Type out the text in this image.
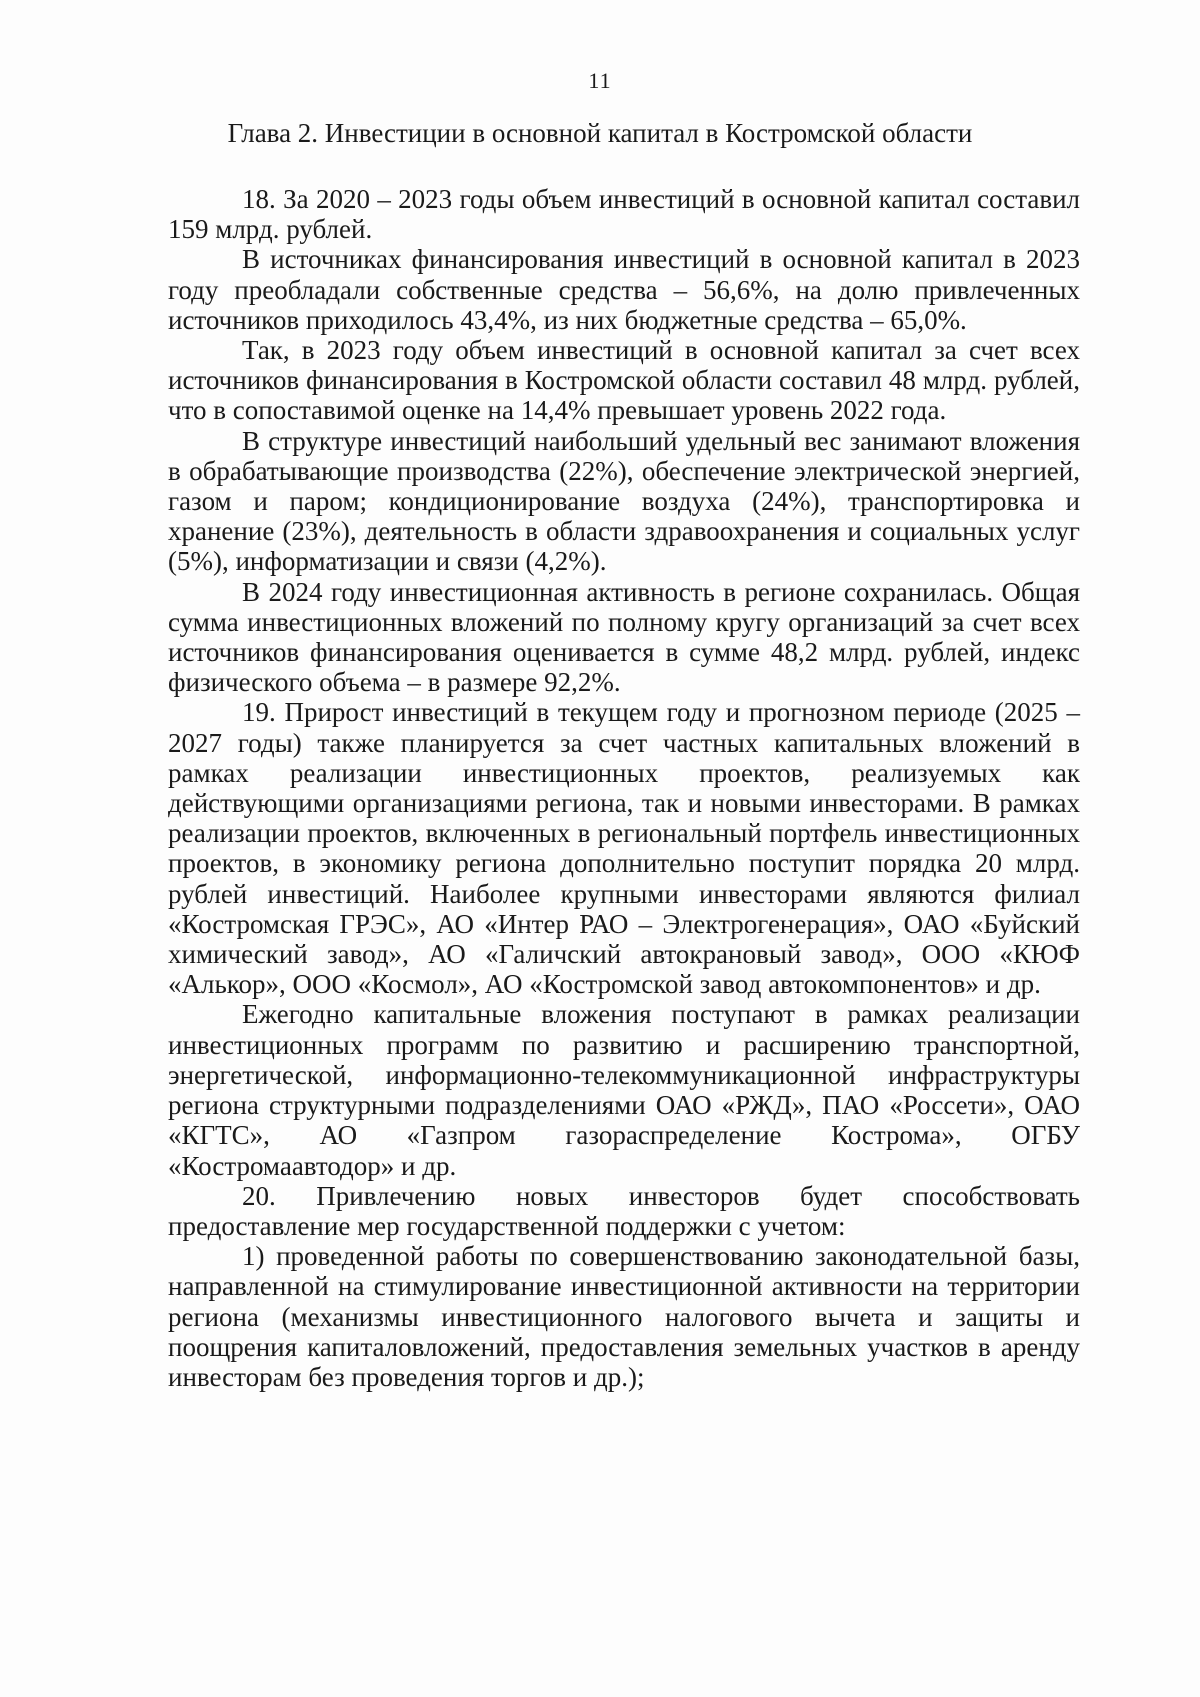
11
Глава 2. Инвестиции в основной капитал в Костромской области

18. За 2020 – 2023 годы объем инвестиций в основной капитал составил 159 млрд. рублей.

В источниках финансирования инвестиций в основной капитал в 2023 году преобладали собственные средства – 56,6%, на долю привлеченных источников приходилось 43,4%, из них бюджетные средства – 65,0%.

Так, в 2023 году объем инвестиций в основной капитал за счет всех источников финансирования в Костромской области составил 48 млрд. рублей, что в сопоставимой оценке на 14,4% превышает уровень 2022 года.

В структуре инвестиций наибольший удельный вес занимают вложения в обрабатывающие производства (22%), обеспечение электрической энергией, газом и паром; кондиционирование воздуха (24%), транспортировка и хранение (23%), деятельность в области здравоохранения и социальных услуг (5%), информатизации и связи (4,2%).

В 2024 году инвестиционная активность в регионе сохранилась. Общая сумма инвестиционных вложений по полному кругу организаций за счет всех источников финансирования оценивается в сумме 48,2 млрд. рублей, индекс физического объема – в размере 92,2%.

19. Прирост инвестиций в текущем году и прогнозном периоде (2025 – 2027 годы) также планируется за счет частных капитальных вложений в рамках реализации инвестиционных проектов, реализуемых как действующими организациями региона, так и новыми инвесторами. В рамках реализации проектов, включенных в региональный портфель инвестиционных проектов, в экономику региона дополнительно поступит порядка 20 млрд. рублей инвестиций. Наиболее крупными инвесторами являются филиал «Костромская ГРЭС», АО «Интер РАО – Электрогенерация», ОАО «Буйский химический завод», АО «Галичский автокрановый завод», ООО «КЮФ «Алькор», ООО «Космол», АО «Костромской завод автокомпонентов» и др.

Ежегодно капитальные вложения поступают в рамках реализации инвестиционных программ по развитию и расширению транспортной, энергетической, информационно-телекоммуникационной инфраструктуры региона структурными подразделениями ОАО «РЖД», ПАО «Россети», ОАО «КГТС», АО «Газпром газораспределение Кострома», ОГБУ «Костромаавтодор» и др.

20. Привлечению новых инвесторов будет способствовать предоставление мер государственной поддержки с учетом:

1) проведенной работы по совершенствованию законодательной базы, направленной на стимулирование инвестиционной активности на территории региона (механизмы инвестиционного налогового вычета и защиты и поощрения капиталовложений, предоставления земельных участков в аренду инвесторам без проведения торгов и др.);
